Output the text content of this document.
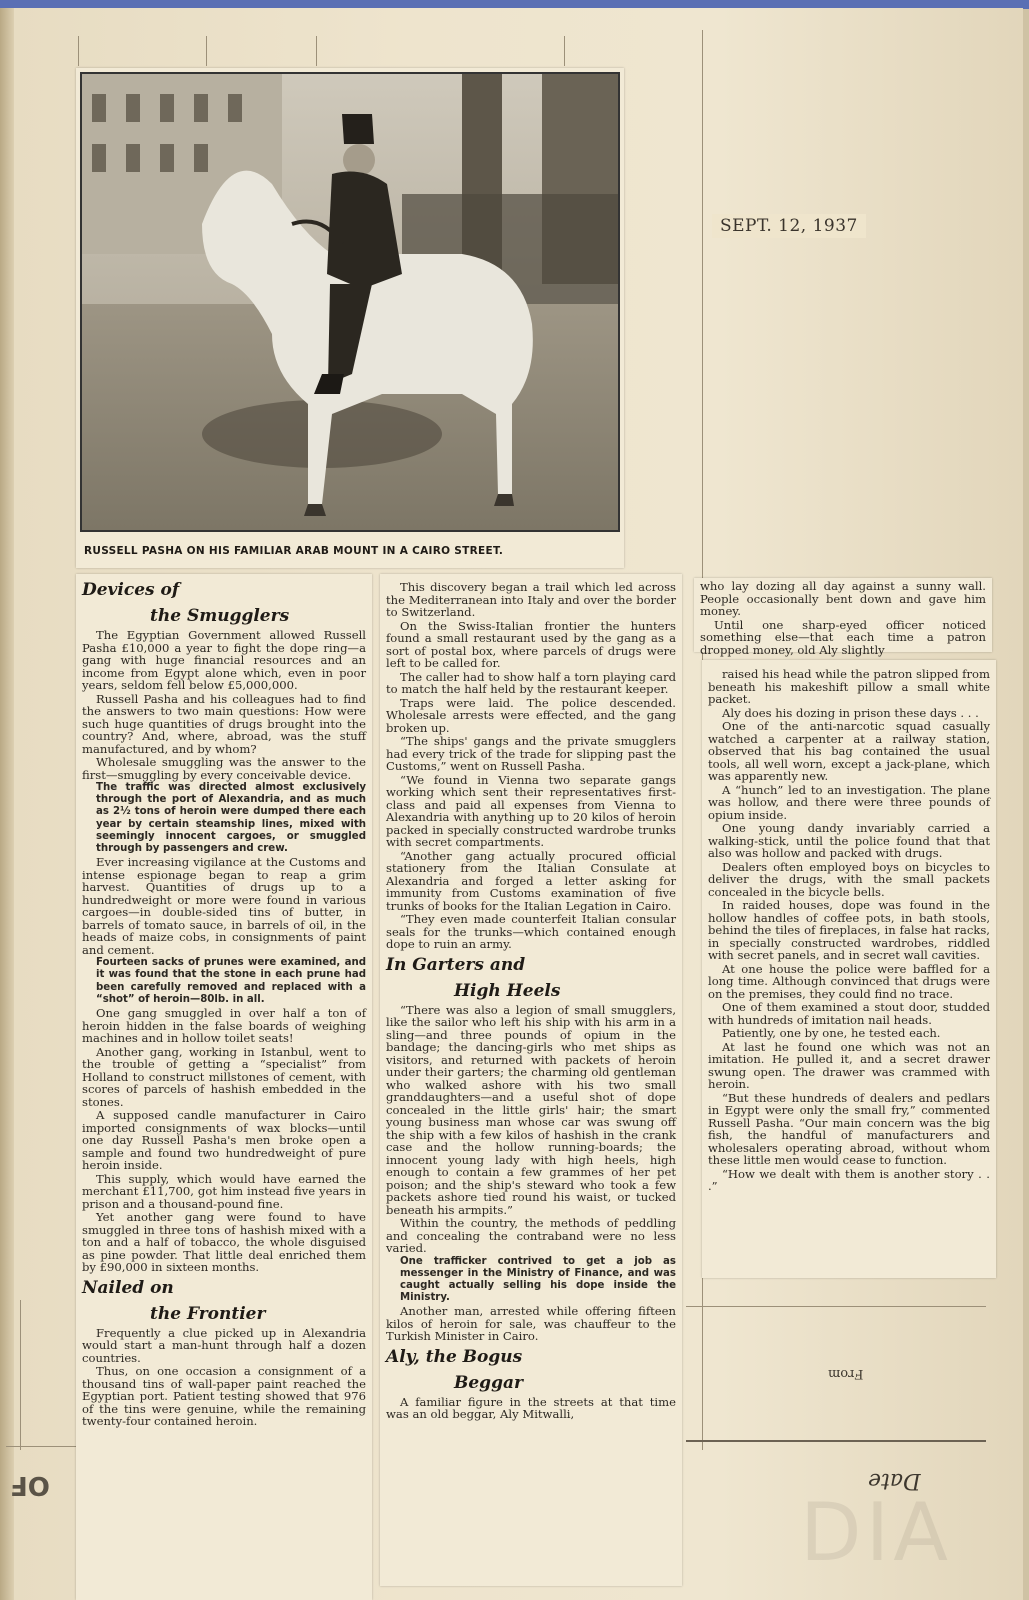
DIA
OF
From
Date
SEPT. 12, 1937
RUSSELL PASHA ON HIS FAMILIAR ARAB MOUNT IN A CAIRO STREET.
Devices of
the Smugglers

The Egyptian Government allowed Russell Pasha £10,000 a year to fight the dope ring—a gang with huge financial resources and an income from Egypt alone which, even in poor years, seldom fell below £5,000,000.

Russell Pasha and his colleagues had to find the answers to two main questions: How were such huge quantities of drugs brought into the country? And, where, abroad, was the stuff manufactured, and by whom?

Wholesale smuggling was the answer to the first—smuggling by every conceivable device.

The traffic was directed almost exclusively through the port of Alexandria, and as much as 2½ tons of heroin were dumped there each year by certain steamship lines, mixed with seemingly innocent cargoes, or smuggled through by passengers and crew.

Ever increasing vigilance at the Customs and intense espionage began to reap a grim harvest. Quantities of drugs up to a hundredweight or more were found in various cargoes—in double-sided tins of butter, in barrels of tomato sauce, in barrels of oil, in the heads of maize cobs, in consignments of paint and cement.

Fourteen sacks of prunes were examined, and it was found that the stone in each prune had been carefully removed and replaced with a “shot” of heroin—80lb. in all.

One gang smuggled in over half a ton of heroin hidden in the false boards of weighing machines and in hollow toilet seats!

Another gang, working in Istanbul, went to the trouble of getting a “specialist” from Holland to construct millstones of cement, with scores of parcels of hashish embedded in the stones.

A supposed candle manufacturer in Cairo imported consignments of wax blocks—until one day Russell Pasha's men broke open a sample and found two hundredweight of pure heroin inside.

This supply, which would have earned the merchant £11,700, got him instead five years in prison and a thousand-pound fine.

Yet another gang were found to have smuggled in three tons of hashish mixed with a ton and a half of tobacco, the whole disguised as pine powder. That little deal enriched them by £90,000 in sixteen months.

Nailed on
the Frontier

Frequently a clue picked up in Alexandria would start a man-hunt through half a dozen countries.

Thus, on one occasion a consignment of a thousand tins of wall-paper paint reached the Egyptian port. Patient testing showed that 976 of the tins were genuine, while the remaining twenty-four contained heroin.

This discovery began a trail which led across the Mediterranean into Italy and over the border to Switzerland.

On the Swiss-Italian frontier the hunters found a small restaurant used by the gang as a sort of postal box, where parcels of drugs were left to be called for.

The caller had to show half a torn playing card to match the half held by the restaurant keeper.

Traps were laid. The police descended. Wholesale arrests were effected, and the gang broken up.

“The ships' gangs and the private smugglers had every trick of the trade for slipping past the Customs,” went on Russell Pasha.

“We found in Vienna two separate gangs working which sent their representatives first-class and paid all expenses from Vienna to Alexandria with anything up to 20 kilos of heroin packed in specially constructed wardrobe trunks with secret compartments.

“Another gang actually procured official stationery from the Italian Consulate at Alexandria and forged a letter asking for immunity from Customs examination of five trunks of books for the Italian Legation in Cairo.

“They even made counterfeit Italian consular seals for the trunks—which contained enough dope to ruin an army.

In Garters and
High Heels

“There was also a legion of small smugglers, like the sailor who left his ship with his arm in a sling—and three pounds of opium in the bandage; the dancing-girls who met ships as visitors, and returned with packets of heroin under their garters; the charming old gentleman who walked ashore with his two small granddaughters—and a useful shot of dope concealed in the little girls' hair; the smart young business man whose car was swung off the ship with a few kilos of hashish in the crank case and the hollow running-boards; the innocent young lady with high heels, high enough to contain a few grammes of her pet poison; and the ship's steward who took a few packets ashore tied round his waist, or tucked beneath his armpits.”

Within the country, the methods of peddling and concealing the contraband were no less varied.

One trafficker contrived to get a job as messenger in the Ministry of Finance, and was caught actually selling his dope inside the Ministry.

Another man, arrested while offering fifteen kilos of heroin for sale, was chauffeur to the Turkish Minister in Cairo.

Aly, the Bogus
Beggar

A familiar figure in the streets at that time was an old beggar, Aly Mitwalli,

who lay dozing all day against a sunny wall. People occasionally bent down and gave him money.

Until one sharp-eyed officer noticed something else—that each time a patron dropped money, old Aly slightly

raised his head while the patron slipped from beneath his makeshift pillow a small white packet.

Aly does his dozing in prison these days . . .

One of the anti-narcotic squad casually watched a carpenter at a railway station, observed that his bag contained the usual tools, all well worn, except a jack-plane, which was apparently new.

A “hunch” led to an investigation. The plane was hollow, and there were three pounds of opium inside.

One young dandy invariably carried a walking-stick, until the police found that that also was hollow and packed with drugs.

Dealers often employed boys on bicycles to deliver the drugs, with the small packets concealed in the bicycle bells.

In raided houses, dope was found in the hollow handles of coffee pots, in bath stools, behind the tiles of fireplaces, in false hat racks, in specially constructed wardrobes, riddled with secret panels, and in secret wall cavities.

At one house the police were baffled for a long time. Although convinced that drugs were on the premises, they could find no trace.

One of them examined a stout door, studded with hundreds of imitation nail heads.

Patiently, one by one, he tested each.

At last he found one which was not an imitation. He pulled it, and a secret drawer swung open. The drawer was crammed with heroin.

“But these hundreds of dealers and pedlars in Egypt were only the small fry,” commented Russell Pasha. “Our main concern was the big fish, the handful of manufacturers and wholesalers operating abroad, without whom these little men would cease to function.

“How we dealt with them is another story . . .”
